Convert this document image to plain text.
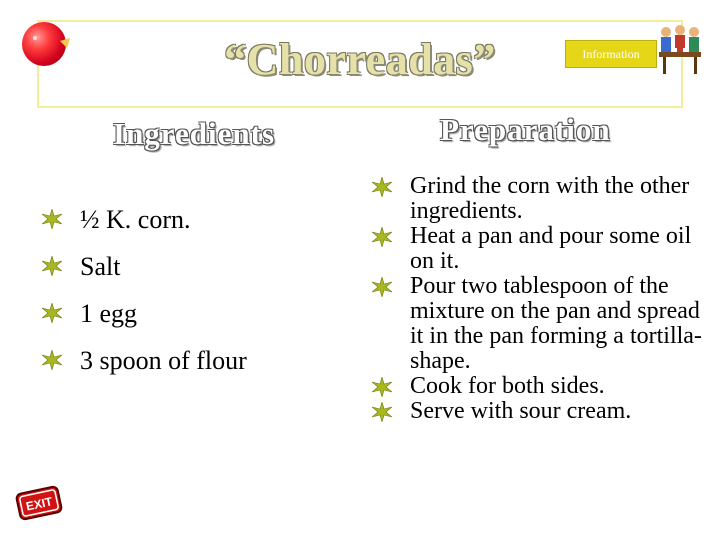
“Chorreadas”	Information
Ingredients	Preparation
½ K. corn.
Salt
1 egg
3 spoon of flour
Grind the corn with the other ingredients.
Heat a pan and pour some oil on it.
Pour two tablespoon of the mixture on the pan and spread it in the pan forming a tortilla-shape.
Cook for both sides.
Serve with sour cream.
EXIT
